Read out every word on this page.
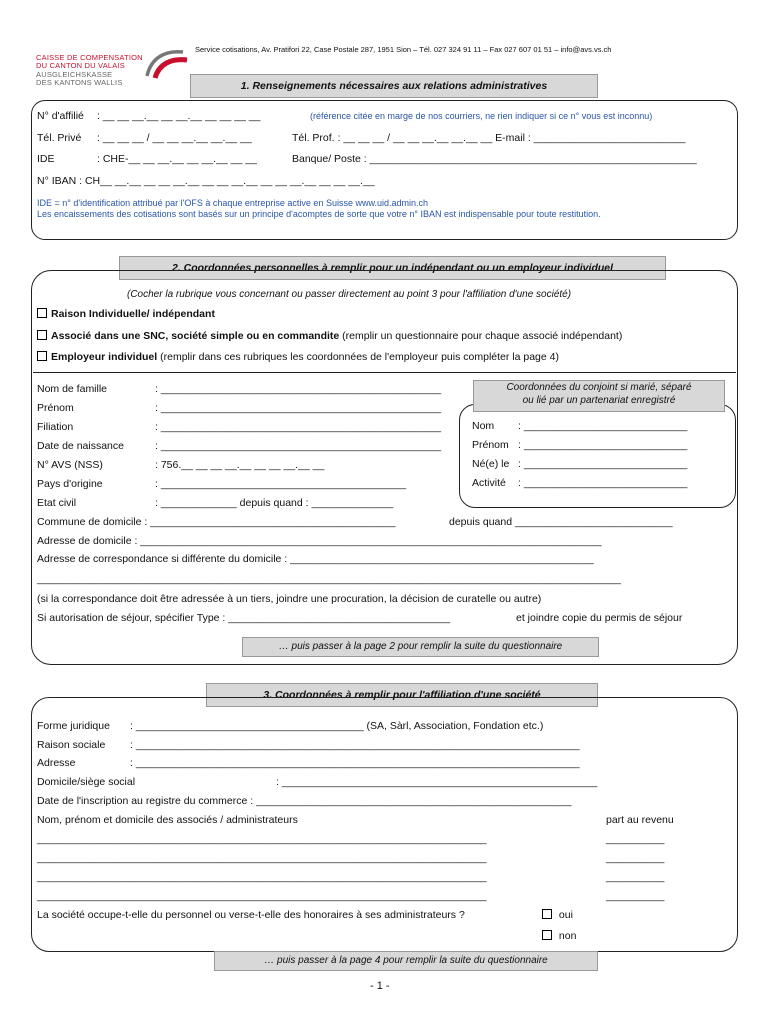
CAISSE DE COMPENSATION
DU CANTON DU VALAIS
AUSGLEICHSKASSE
DES KANTONS WALLIS
Service cotisations, Av. Pratifori 22, Case Postale 287, 1951 Sion – Tél. 027 324 91 11 – Fax 027 607 01 51 – info@avs.vs.ch
1. Renseignements nécessaires aux relations administratives
N° d'affilié : __ __ __.__ __ __.__ __ __ __ __	(référence citée en marge de nos courriers, ne rien indiquer si ce n° vous est inconnu)
Tél. Privé : __ __ __ / __ __ __.__ __.__ __	Tél. Prof. : __ __ __ / __ __ __.__ __.__ __ E-mail : __________________________
IDE	: CHE-__ __ __.__ __ __.__ __ __	Banque/ Poste : ________________________________________________________
N° IBAN : CH__ __.__ __ __ __.__ __ __ __.__ __ __ __.__ __ __ __.__
IDE = n° d'identification attribué par l'OFS à chaque entreprise active en Suisse www.uid.admin.ch
Les encaissements des cotisations sont basés sur un principe d'acomptes de sorte que votre n° IBAN est indispensable pour toute restitution.
2. Coordonnées personnelles à remplir pour un indépendant ou un employeur individuel
(Cocher la rubrique vous concernant ou passer directement au point 3 pour l'affiliation d'une société)
Raison Individuelle/ indépendant
Associé dans une SNC, société simple ou en commandite (remplir un questionnaire pour chaque associé indépendant)
Employeur individuel (remplir dans ces rubriques les coordonnées de l'employeur puis compléter la page 4)
Nom de famille	: ________________________________________________
Prénom	: ________________________________________________
Filiation	: ________________________________________________
Date de naissance	: ________________________________________________
N° AVS (NSS)	: 756.__ __ __ __.__ __ __ __.__ __
Pays d'origine	: __________________________________________
Etat civil	: _____________ depuis quand : ______________
Coordonnées du conjoint si marié, séparé
ou lié par un partenariat enregistré
Nom : ____________________________
Prénom : ____________________________
Né(e) le : ____________________________
Activité : ____________________________
Commune de domicile : __________________________________________	depuis quand ___________________________
Adresse de domicile : _______________________________________________________________________________
Adresse de correspondance si différente du domicile : ____________________________________________________
____________________________________________________________________________________________________
(si la correspondance doit être adressée à un tiers, joindre une procuration, la décision de curatelle ou autre)
Si autorisation de séjour, spécifier Type : ______________________________________	et joindre copie du permis de séjour
… puis passer à la page 2 pour remplir la suite du questionnaire
3. Coordonnées à remplir pour l'affiliation d'une société
Forme juridique : _______________________________________ (SA, Sàrl, Association, Fondation etc.)
Raison sociale : ____________________________________________________________________________
Adresse	: ____________________________________________________________________________
Domicile/siège social	: ______________________________________________________
Date de l'inscription au registre du commerce : ______________________________________________________
Nom, prénom et domicile des associés / administrateurs	part au revenu
_____________________________________________________________________________	__________
_____________________________________________________________________________	__________
_____________________________________________________________________________	__________
_____________________________________________________________________________	__________
La société occupe-t-elle du personnel ou verse-t-elle des honoraires à ses administrateurs ?	oui
non
… puis passer à la page 4 pour remplir la suite du questionnaire
- 1 -
